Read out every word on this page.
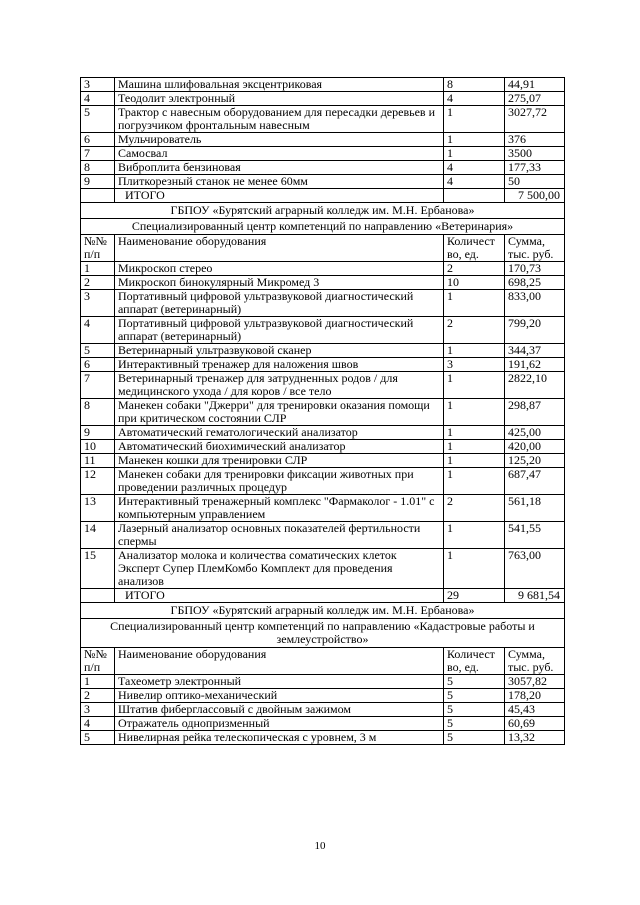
3	Машина шлифовальная эксцентриковая	8	44,91
4	Теодолит электронный	4	275,07
5	Трактор с навесным оборудованием для пересадки деревьев и погрузчиком фронтальным навесным	1	3027,72
6	Мульчирователь	1	376
7	Самосвал	1	3500
8	Виброплита бензиновая	4	177,33
9	Плиткорезный станок не менее 60мм	4	50
	ИТОГО		7 500,00
ГБПОУ «Бурятский аграрный колледж им. М.Н. Ербанова»			
Специализированный центр компетенций по направлению «Ветеринария»			
№№ п/п	Наименование оборудования	Количест во, ед.	Сумма, тыс. руб.
1	Микроскоп стерео	2	170,73
2	Микроскоп бинокулярный Микромед 3	10	698,25
3	Портативный цифровой ультразвуковой диагностический аппарат (ветеринарный)	1	833,00
4	Портативный цифровой ультразвуковой диагностический аппарат (ветеринарный)	2	799,20
5	Ветеринарный ультразвуковой сканер	1	344,37
6	Интерактивный тренажер для наложения швов	3	191,62
7	Ветеринарный тренажер для затрудненных родов / для медицинского ухода / для коров / все тело	1	2822,10
8	Манекен собаки "Джерри" для тренировки оказания помощи при критическом состоянии СЛР	1	298,87
9	Автоматический гематологический анализатор	1	425,00
10	Автоматический биохимический анализатор	1	420,00
11	Манекен кошки для тренировки СЛР	1	125,20
12	Манекен собаки для тренировки фиксации животных при проведении различных процедур	1	687,47
13	Интерактивный тренажерный комплекс "Фармаколог - 1.01" с компьютерным управлением	2	561,18
14	Лазерный анализатор основных показателей фертильности спермы	1	541,55
15	Анализатор молока и количества соматических клеток Эксперт Супер ПлемКомбо Комплект для проведения анализов	1	763,00
	ИТОГО	29	9 681,54
ГБПОУ «Бурятский аграрный колледж им. М.Н. Ербанова»			
Специализированный центр компетенций по направлению «Кадастровые работы и землеустройство»			
№№ п/п	Наименование оборудования	Количест во, ед.	Сумма, тыс. руб.
1	Тахеометр электронный	5	3057,82
2	Нивелир оптико-механический	5	178,20
3	Штатив фиберглассовый с двойным зажимом	5	45,43
4	Отражатель однопризменный	5	60,69
5	Нивелирная рейка телескопическая с уровнем, 3 м	5	13,32
10
